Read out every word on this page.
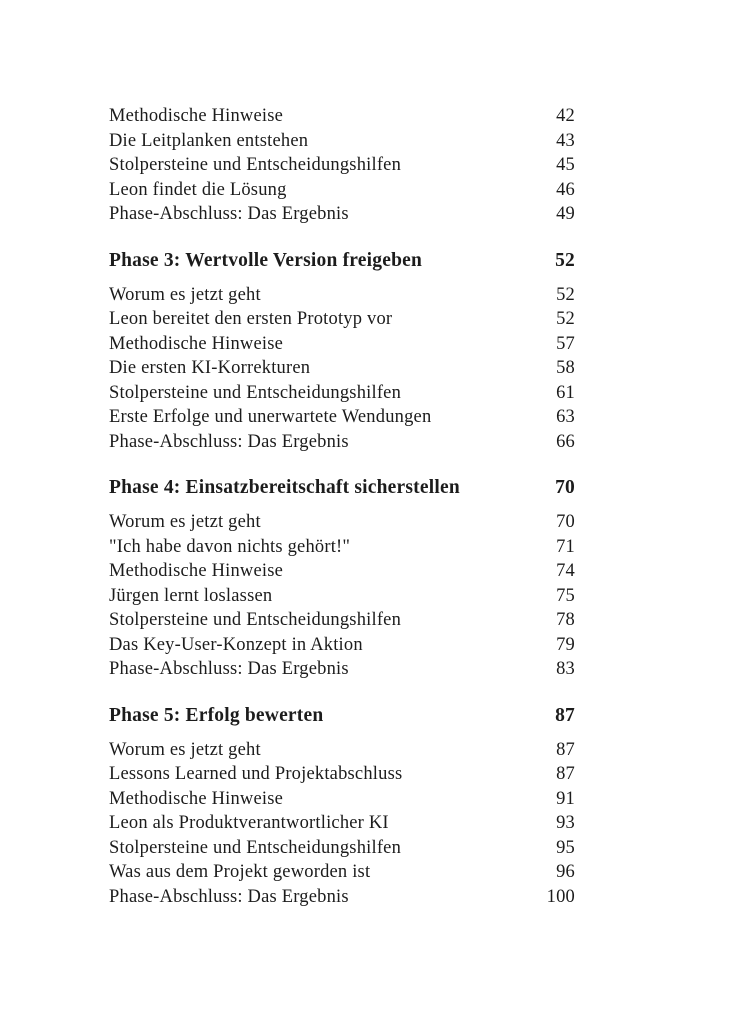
Methodische Hinweise	42
Die Leitplanken entstehen	43
Stolpersteine und Entscheidungshilfen	45
Leon findet die Lösung	46
Phase-Abschluss: Das Ergebnis	49
Phase 3: Wertvolle Version freigeben	52
Worum es jetzt geht	52
Leon bereitet den ersten Prototyp vor	52
Methodische Hinweise	57
Die ersten KI-Korrekturen	58
Stolpersteine und Entscheidungshilfen	61
Erste Erfolge und unerwartete Wendungen	63
Phase-Abschluss: Das Ergebnis	66
Phase 4: Einsatzbereitschaft sicherstellen	70
Worum es jetzt geht	70
"Ich habe davon nichts gehört!"	71
Methodische Hinweise	74
Jürgen lernt loslassen	75
Stolpersteine und Entscheidungshilfen	78
Das Key-User-Konzept in Aktion	79
Phase-Abschluss: Das Ergebnis	83
Phase 5: Erfolg bewerten	87
Worum es jetzt geht	87
Lessons Learned und Projektabschluss	87
Methodische Hinweise	91
Leon als Produktverantwortlicher KI	93
Stolpersteine und Entscheidungshilfen	95
Was aus dem Projekt geworden ist	96
Phase-Abschluss: Das Ergebnis	100
